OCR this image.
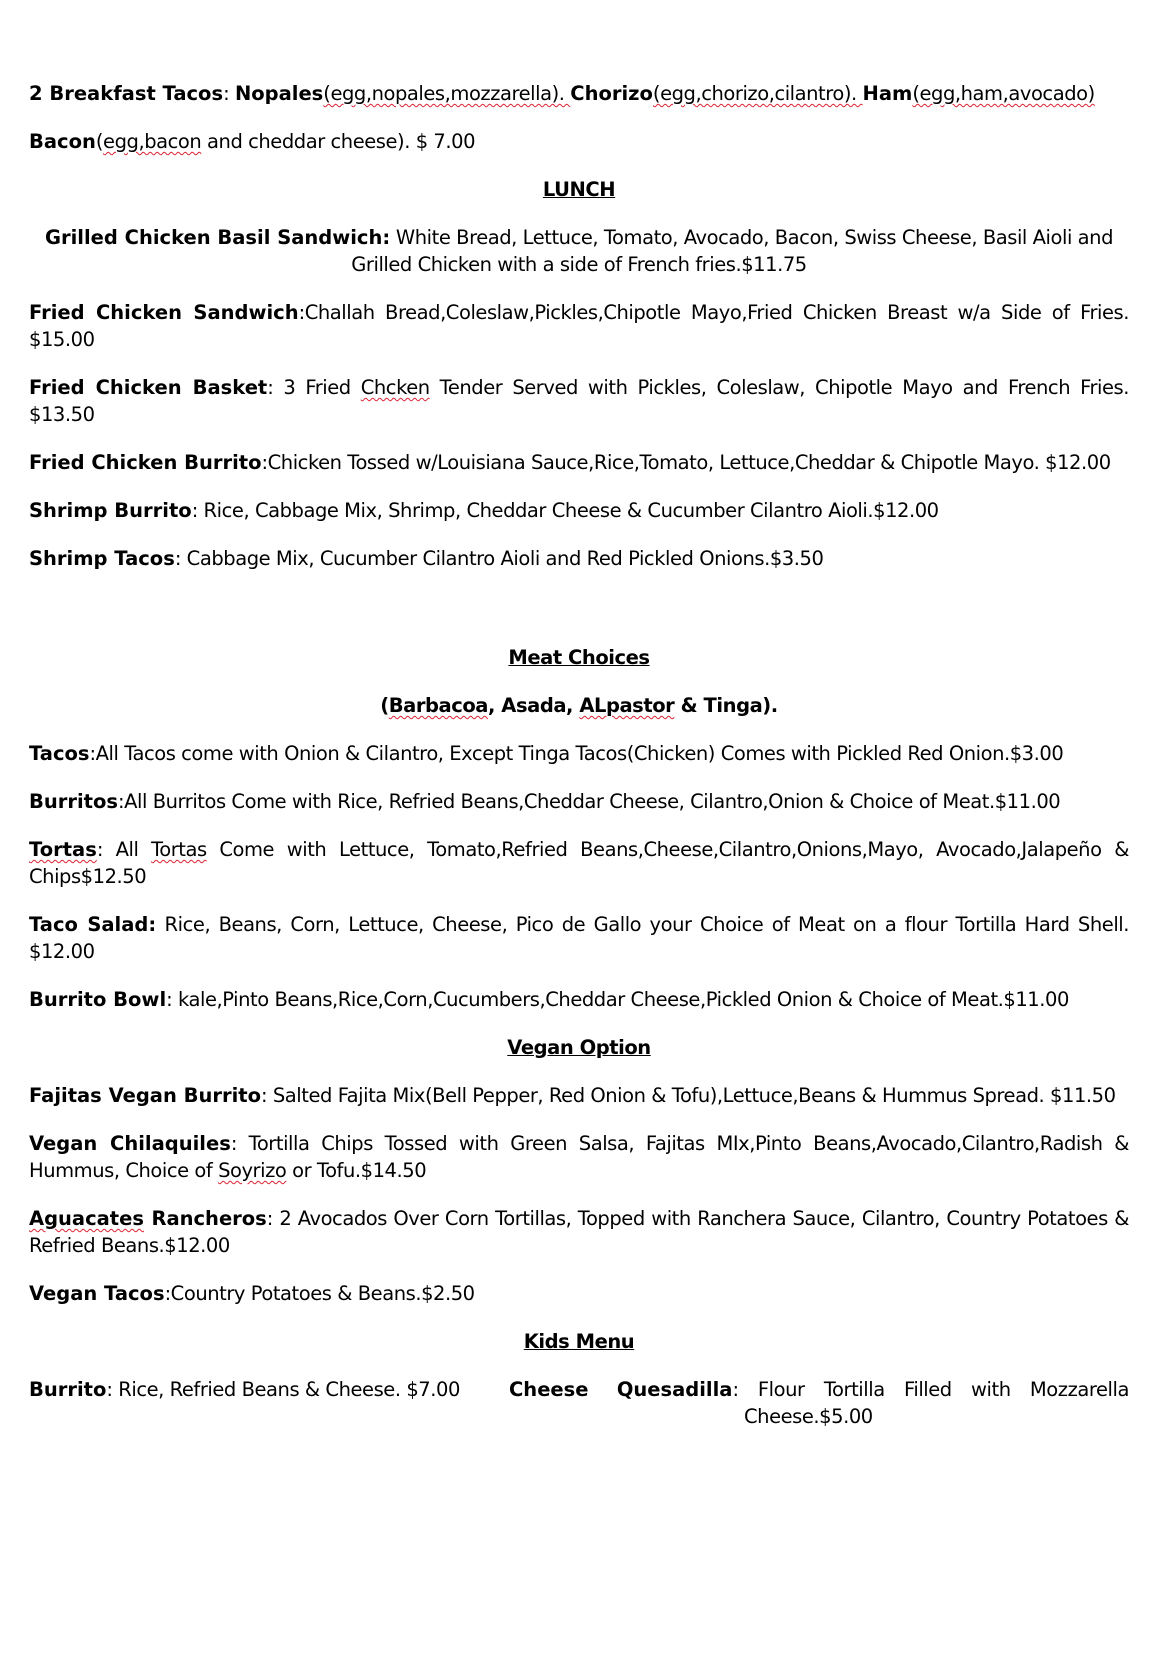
2 Breakfast Tacos: Nopales(egg,nopales,mozzarella). Chorizo(egg,chorizo,cilantro). Ham(egg,ham,avocado)

Bacon(egg,bacon and cheddar cheese). $ 7.00

LUNCH

Grilled Chicken Basil Sandwich: White Bread, Lettuce, Tomato, Avocado, Bacon, Swiss Cheese, Basil Aioli and Grilled Chicken with a side of French fries.$11.75

Fried Chicken Sandwich:Challah Bread,Coleslaw,Pickles,Chipotle Mayo,Fried Chicken Breast w/a Side of Fries. $15.00

Fried Chicken Basket: 3 Fried Chcken Tender Served with Pickles, Coleslaw, Chipotle Mayo and French Fries. $13.50

Fried Chicken Burrito:Chicken Tossed w/Louisiana Sauce,Rice,Tomato, Lettuce,Cheddar & Chipotle Mayo. $12.00

Shrimp Burrito: Rice, Cabbage Mix, Shrimp, Cheddar Cheese & Cucumber Cilantro Aioli.$12.00

Shrimp Tacos: Cabbage Mix, Cucumber Cilantro Aioli and Red Pickled Onions.$3.50

Meat Choices

(Barbacoa, Asada, ALpastor & Tinga).

Tacos:All Tacos come with Onion & Cilantro, Except Tinga Tacos(Chicken) Comes with Pickled Red Onion.$3.00

Burritos:All Burritos Come with Rice, Refried Beans,Cheddar Cheese, Cilantro,Onion & Choice of Meat.$11.00

Tortas: All Tortas Come with Lettuce, Tomato,Refried Beans,Cheese,Cilantro,Onions,Mayo, Avocado,Jalapeño & Chips$12.50

Taco Salad: Rice, Beans, Corn, Lettuce, Cheese, Pico de Gallo your Choice of Meat on a flour Tortilla Hard Shell. $12.00

Burrito Bowl: kale,Pinto Beans,Rice,Corn,Cucumbers,Cheddar Cheese,Pickled Onion & Choice of Meat.$11.00

Vegan Option

Fajitas Vegan Burrito: Salted Fajita Mix(Bell Pepper, Red Onion & Tofu),Lettuce,Beans & Hummus Spread. $11.50

Vegan Chilaquiles: Tortilla Chips Tossed with Green Salsa, Fajitas MIx,Pinto Beans,Avocado,Cilantro,Radish & Hummus, Choice of Soyrizo or Tofu.$14.50

Aguacates Rancheros: 2 Avocados Over Corn Tortillas, Topped with Ranchera Sauce, Cilantro, Country Potatoes & Refried Beans.$12.00

Vegan Tacos:Country Potatoes & Beans.$2.50

Kids Menu

Burrito: Rice, Refried Beans & Cheese. $7.00	Cheese Quesadilla: Flour Tortilla Filled with Mozzarella

Cheese.$5.00
